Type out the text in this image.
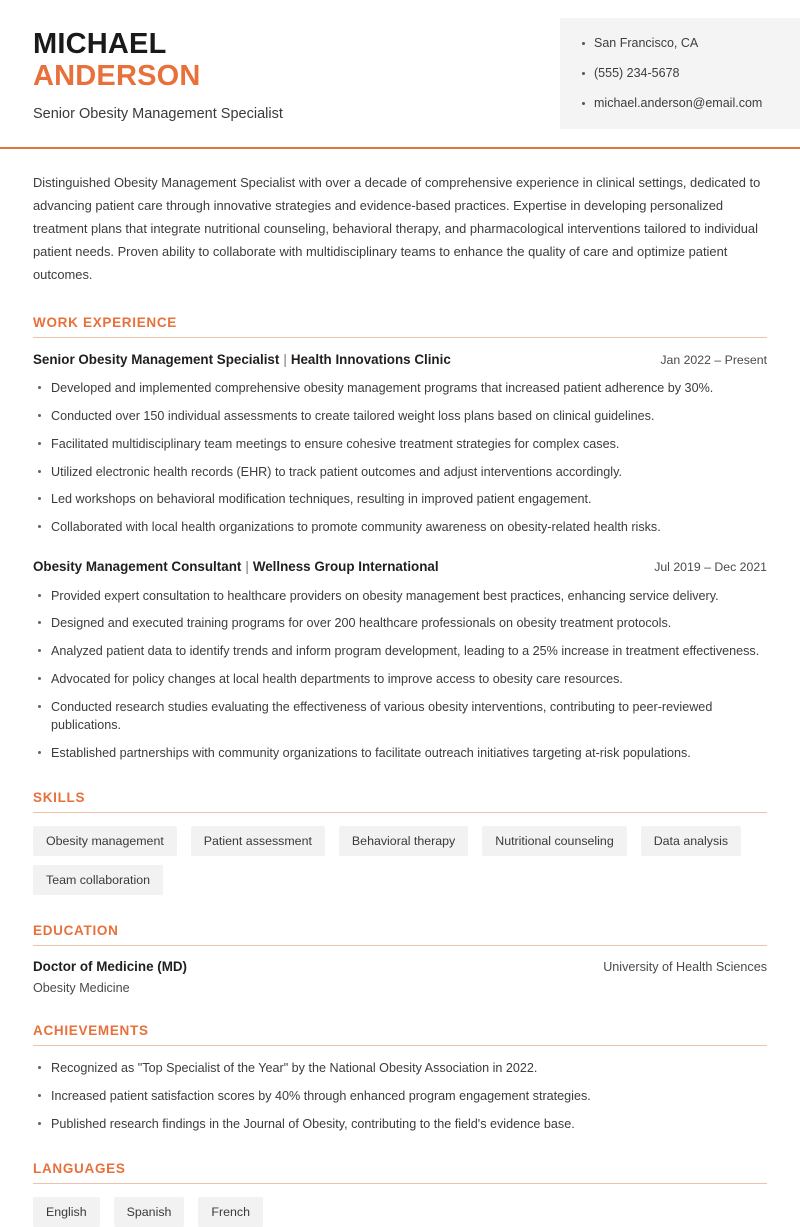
MICHAEL
ANDERSON
Senior Obesity Management Specialist
San Francisco, CA
(555) 234-5678
michael.anderson@email.com

Distinguished Obesity Management Specialist with over a decade of comprehensive experience in clinical settings, dedicated to advancing patient care through innovative strategies and evidence-based practices. Expertise in developing personalized treatment plans that integrate nutritional counseling, behavioral therapy, and pharmacological interventions tailored to individual patient needs. Proven ability to collaborate with multidisciplinary teams to enhance the quality of care and optimize patient outcomes.

WORK EXPERIENCE
Senior Obesity Management Specialist | Health Innovations Clinic	Jan 2022 – Present
Developed and implemented comprehensive obesity management programs that increased patient adherence by 30%.
Conducted over 150 individual assessments to create tailored weight loss plans based on clinical guidelines.
Facilitated multidisciplinary team meetings to ensure cohesive treatment strategies for complex cases.
Utilized electronic health records (EHR) to track patient outcomes and adjust interventions accordingly.
Led workshops on behavioral modification techniques, resulting in improved patient engagement.
Collaborated with local health organizations to promote community awareness on obesity-related health risks.
Obesity Management Consultant | Wellness Group International	Jul 2019 – Dec 2021
Provided expert consultation to healthcare providers on obesity management best practices, enhancing service delivery.
Designed and executed training programs for over 200 healthcare professionals on obesity treatment protocols.
Analyzed patient data to identify trends and inform program development, leading to a 25% increase in treatment effectiveness.
Advocated for policy changes at local health departments to improve access to obesity care resources.
Conducted research studies evaluating the effectiveness of various obesity interventions, contributing to peer-reviewed publications.
Established partnerships with community organizations to facilitate outreach initiatives targeting at-risk populations.
SKILLS
Obesity management	Patient assessment	Behavioral therapy	Nutritional counseling	Data analysis
Team collaboration
EDUCATION
Doctor of Medicine (MD)	University of Health Sciences
Obesity Medicine
ACHIEVEMENTS
Recognized as "Top Specialist of the Year" by the National Obesity Association in 2022.
Increased patient satisfaction scores by 40% through enhanced program engagement strategies.
Published research findings in the Journal of Obesity, contributing to the field's evidence base.
LANGUAGES
English	Spanish	French
